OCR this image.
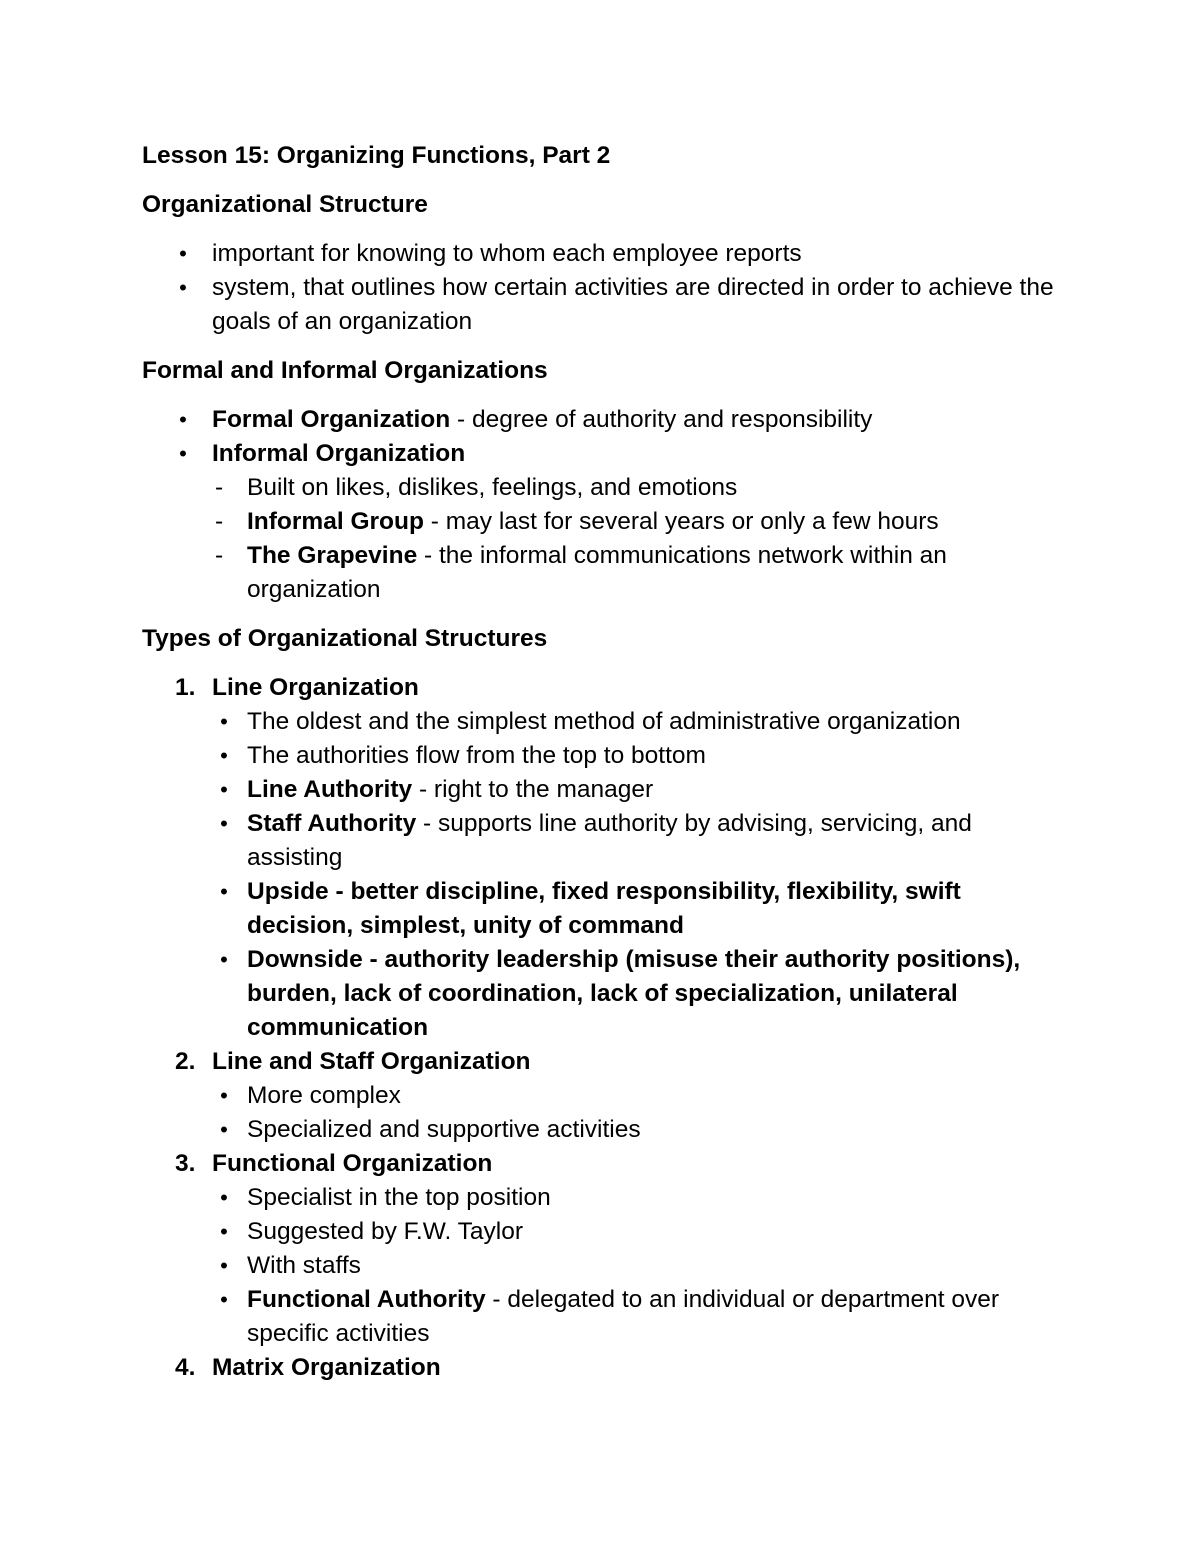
Lesson 15: Organizing Functions, Part 2
Organizational Structure
• important for knowing to whom each employee reports
• system, that outlines how certain activities are directed in order to achieve the goals of an organization
Formal and Informal Organizations
• Formal Organization - degree of authority and responsibility
• Informal Organization
- Built on likes, dislikes, feelings, and emotions
- Informal Group - may last for several years or only a few hours
- The Grapevine - the informal communications network within an organization
Types of Organizational Structures
1. Line Organization
• The oldest and the simplest method of administrative organization
• The authorities flow from the top to bottom
• Line Authority - right to the manager
• Staff Authority - supports line authority by advising, servicing, and assisting
• Upside - better discipline, fixed responsibility, flexibility, swift decision, simplest, unity of command
• Downside - authority leadership (misuse their authority positions), burden, lack of coordination, lack of specialization, unilateral communication
2. Line and Staff Organization
• More complex
• Specialized and supportive activities
3. Functional Organization
• Specialist in the top position
• Suggested by F.W. Taylor
• With staffs
• Functional Authority - delegated to an individual or department over specific activities
4. Matrix Organization
